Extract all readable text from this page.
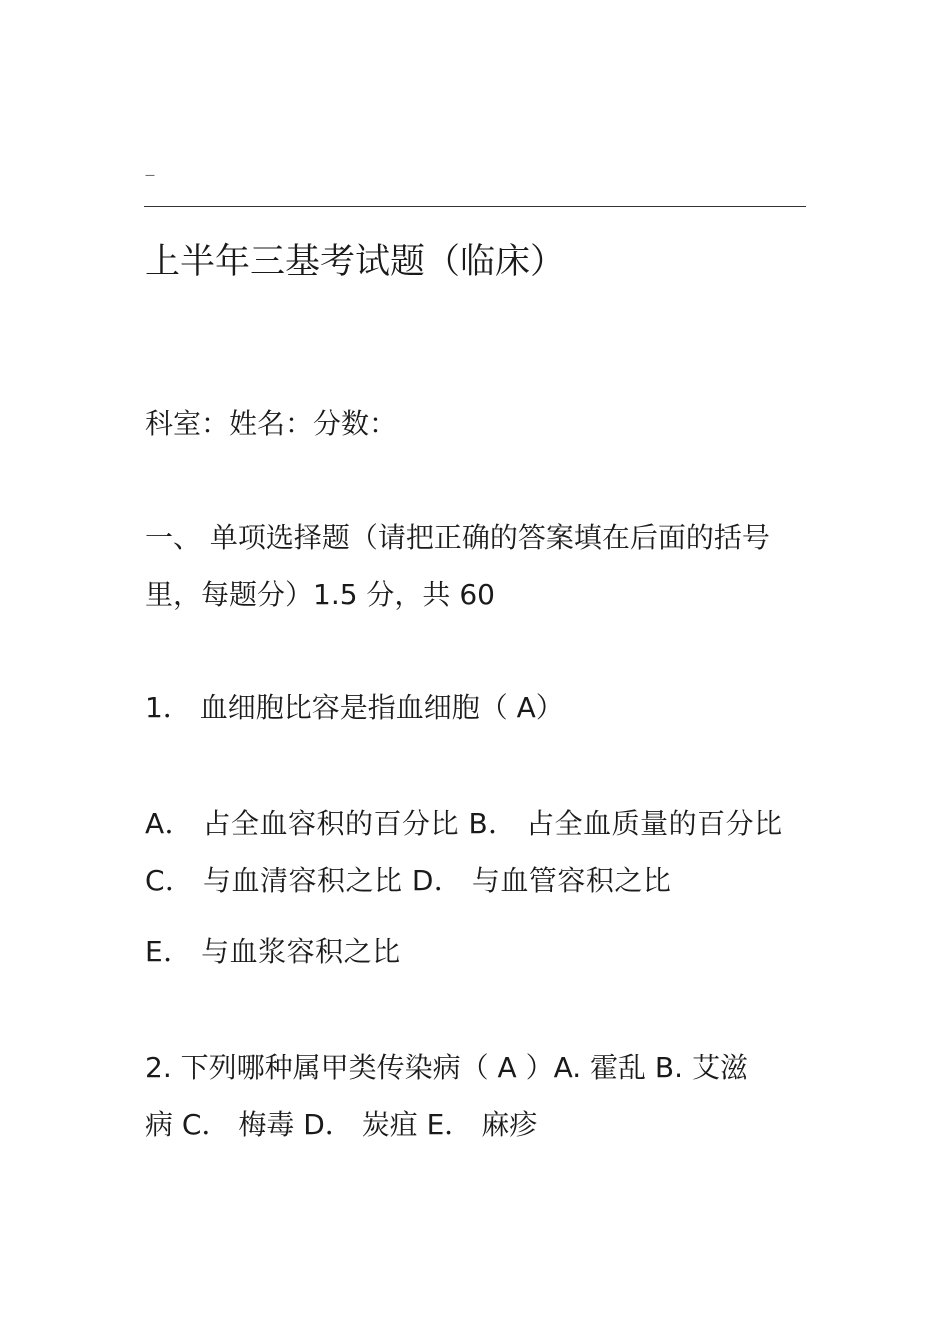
—
上半年三基考试题（临床）
科室：姓名：分数：
一、 单项选择题（请把正确的答案填在后面的括号
里，每题分）1.5 分，共 60
1． 血细胞比容是指血细胞（ A）
A． 占全血容积的百分比 B． 占全血质量的百分比
C． 与血清容积之比 D． 与血管容积之比
E． 与血浆容积之比
2. 下列哪种属甲类传染病（ A ）A. 霍乱 B. 艾滋
病 C． 梅毒 D． 炭疽 E． 麻疹
